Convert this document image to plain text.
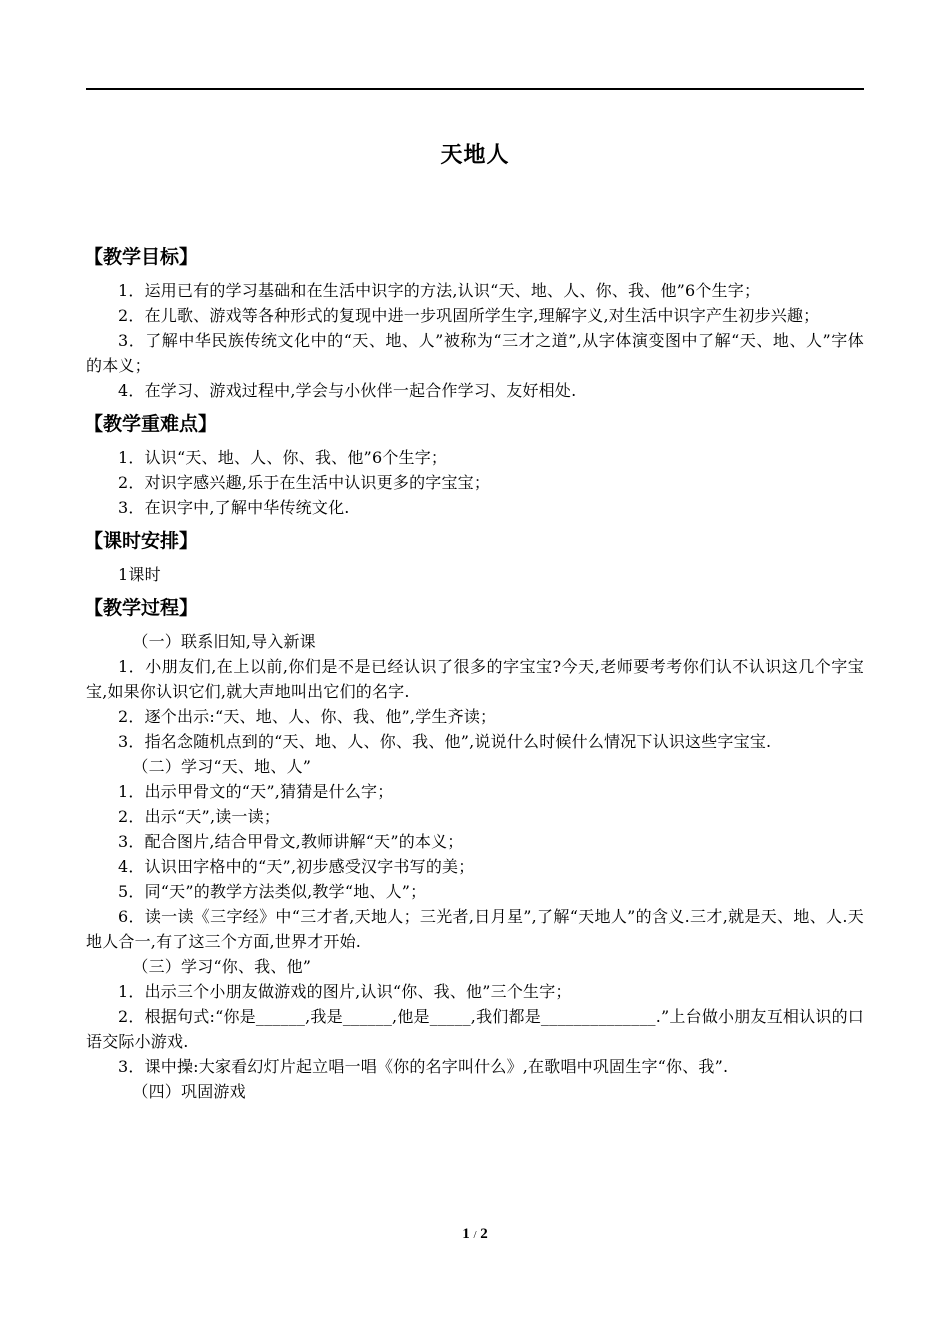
天地人
【教学目标】

1．运用已有的学习基础和在生活中识字的方法,认识“天、地、人、你、我、他”6个生字；

2．在儿歌、游戏等各种形式的复现中进一步巩固所学生字,理解字义,对生活中识字产生初步兴趣；

3．了解中华民族传统文化中的“天、地、人”被称为“三才之道”,从字体演变图中了解“天、地、人”字体的本义；

4．在学习、游戏过程中,学会与小伙伴一起合作学习、友好相处.

【教学重难点】

1．认识“天、地、人、你、我、他”6个生字；

2．对识字感兴趣,乐于在生活中认识更多的字宝宝；

3．在识字中,了解中华传统文化.

【课时安排】

1课时

【教学过程】

（一）联系旧知,导入新课

1．小朋友们,在上以前,你们是不是已经认识了很多的字宝宝?今天,老师要考考你们认不认识这几个字宝宝,如果你认识它们,就大声地叫出它们的名字.

2．逐个出示:“天、地、人、你、我、他”,学生齐读；

3．指名念随机点到的“天、地、人、你、我、他”,说说什么时候什么情况下认识这些字宝宝.

（二）学习“天、地、人”

1．出示甲骨文的“天”,猜猜是什么字；

2．出示“天”,读一读；

3．配合图片,结合甲骨文,教师讲解“天”的本义；

4．认识田字格中的“天”,初步感受汉字书写的美；

5．同“天”的教学方法类似,教学“地、人”；

6．读一读《三字经》中“三才者,天地人；三光者,日月星”,了解“天地人”的含义.三才,就是天、地、人.天地人合一,有了这三个方面,世界才开始.

（三）学习“你、我、他”

1．出示三个小朋友做游戏的图片,认识“你、我、他”三个生字；

2．根据句式:“你是______,我是______,他是_____,我们都是______________.”上台做小朋友互相认识的口语交际小游戏.

3．课中操:大家看幻灯片起立唱一唱《你的名字叫什么》,在歌唱中巩固生字“你、我”.

（四）巩固游戏

1 / 2
